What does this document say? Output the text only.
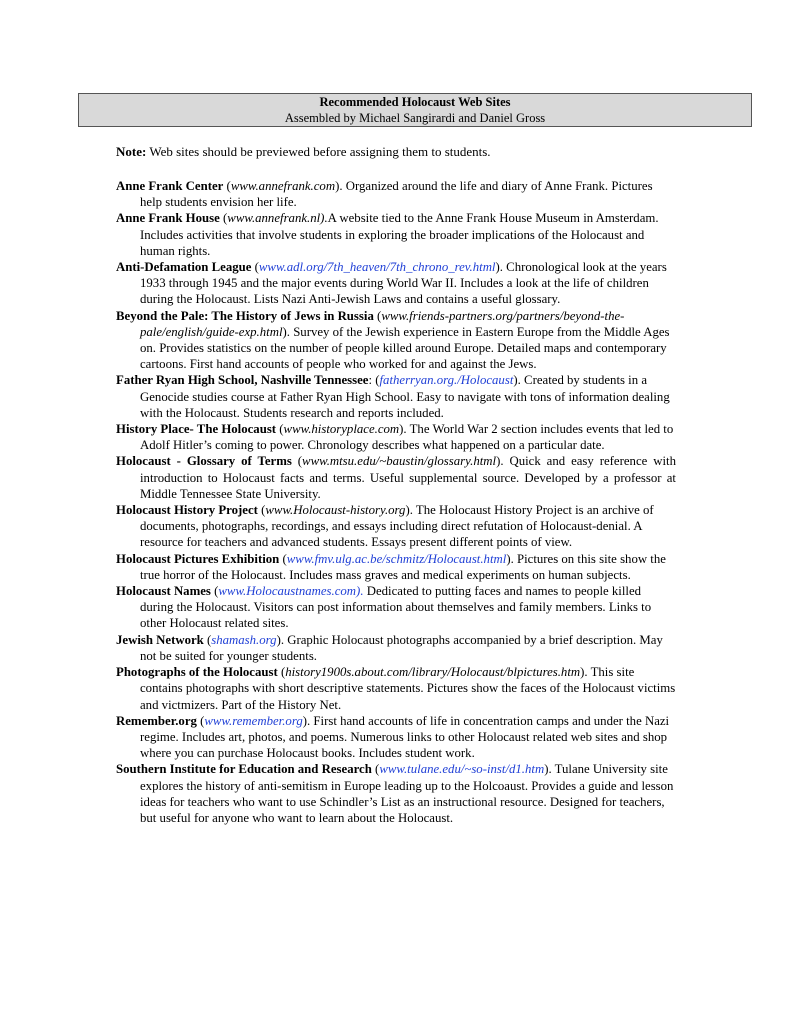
Recommended Holocaust Web Sites
Assembled by Michael Sangirardi and Daniel Gross
Note: Web sites should be previewed before assigning them to students.

Anne Frank Center (www.annefrank.com). Organized around the life and diary of Anne Frank. Pictures help students envision her life.

Anne Frank House (www.annefrank.nl).A website tied to the Anne Frank House Museum in Amsterdam. Includes activities that involve students in exploring the broader implications of the Holocaust and human rights.

Anti-Defamation League (www.adl.org/7th_heaven/7th_chrono_rev.html). Chronological look at the years 1933 through 1945 and the major events during World War II. Includes a look at the life of children during the Holocaust. Lists Nazi Anti-Jewish Laws and contains a useful glossary.

Beyond the Pale: The History of Jews in Russia (www.friends-partners.org/partners/beyond-the-pale/english/guide-exp.html). Survey of the Jewish experience in Eastern Europe from the Middle Ages on. Provides statistics on the number of people killed around Europe. Detailed maps and contemporary cartoons. First hand accounts of people who worked for and against the Jews.

Father Ryan High School, Nashville Tennessee: (fatherryan.org./Holocaust). Created by students in a Genocide studies course at Father Ryan High School. Easy to navigate with tons of information dealing with the Holocaust. Students research and reports included.

History Place- The Holocaust (www.historyplace.com). The World War 2 section includes events that led to Adolf Hitler’s coming to power. Chronology describes what happened on a particular date.

Holocaust - Glossary of Terms (www.mtsu.edu/~baustin/glossary.html). Quick and easy reference with introduction to Holocaust facts and terms. Useful supplemental source. Developed by a professor at Middle Tennessee State University.

Holocaust History Project (www.Holocaust-history.org). The Holocaust History Project is an archive of documents, photographs, recordings, and essays including direct refutation of Holocaust-denial. A resource for teachers and advanced students. Essays present different points of view.

Holocaust Pictures Exhibition (www.fmv.ulg.ac.be/schmitz/Holocaust.html). Pictures on this site show the true horror of the Holocaust. Includes mass graves and medical experiments on human subjects.

Holocaust Names (www.Holocaustnames.com). Dedicated to putting faces and names to people killed during the Holocaust. Visitors can post information about themselves and family members. Links to other Holocaust related sites.

Jewish Network (shamash.org). Graphic Holocaust photographs accompanied by a brief description. May not be suited for younger students.

Photographs of the Holocaust (history1900s.about.com/library/Holocaust/blpictures.htm). This site contains photographs with short descriptive statements. Pictures show the faces of the Holocaust victims and victmizers. Part of the History Net.

Remember.org (www.remember.org). First hand accounts of life in concentration camps and under the Nazi regime. Includes art, photos, and poems. Numerous links to other Holocaust related web sites and shop where you can purchase Holocaust books. Includes student work.

Southern Institute for Education and Research (www.tulane.edu/~so-inst/d1.htm). Tulane University site explores the history of anti-semitism in Europe leading up to the Holcoaust. Provides a guide and lesson ideas for teachers who want to use Schindler’s List as an instructional resource. Designed for teachers, but useful for anyone who want to learn about the Holocaust.
